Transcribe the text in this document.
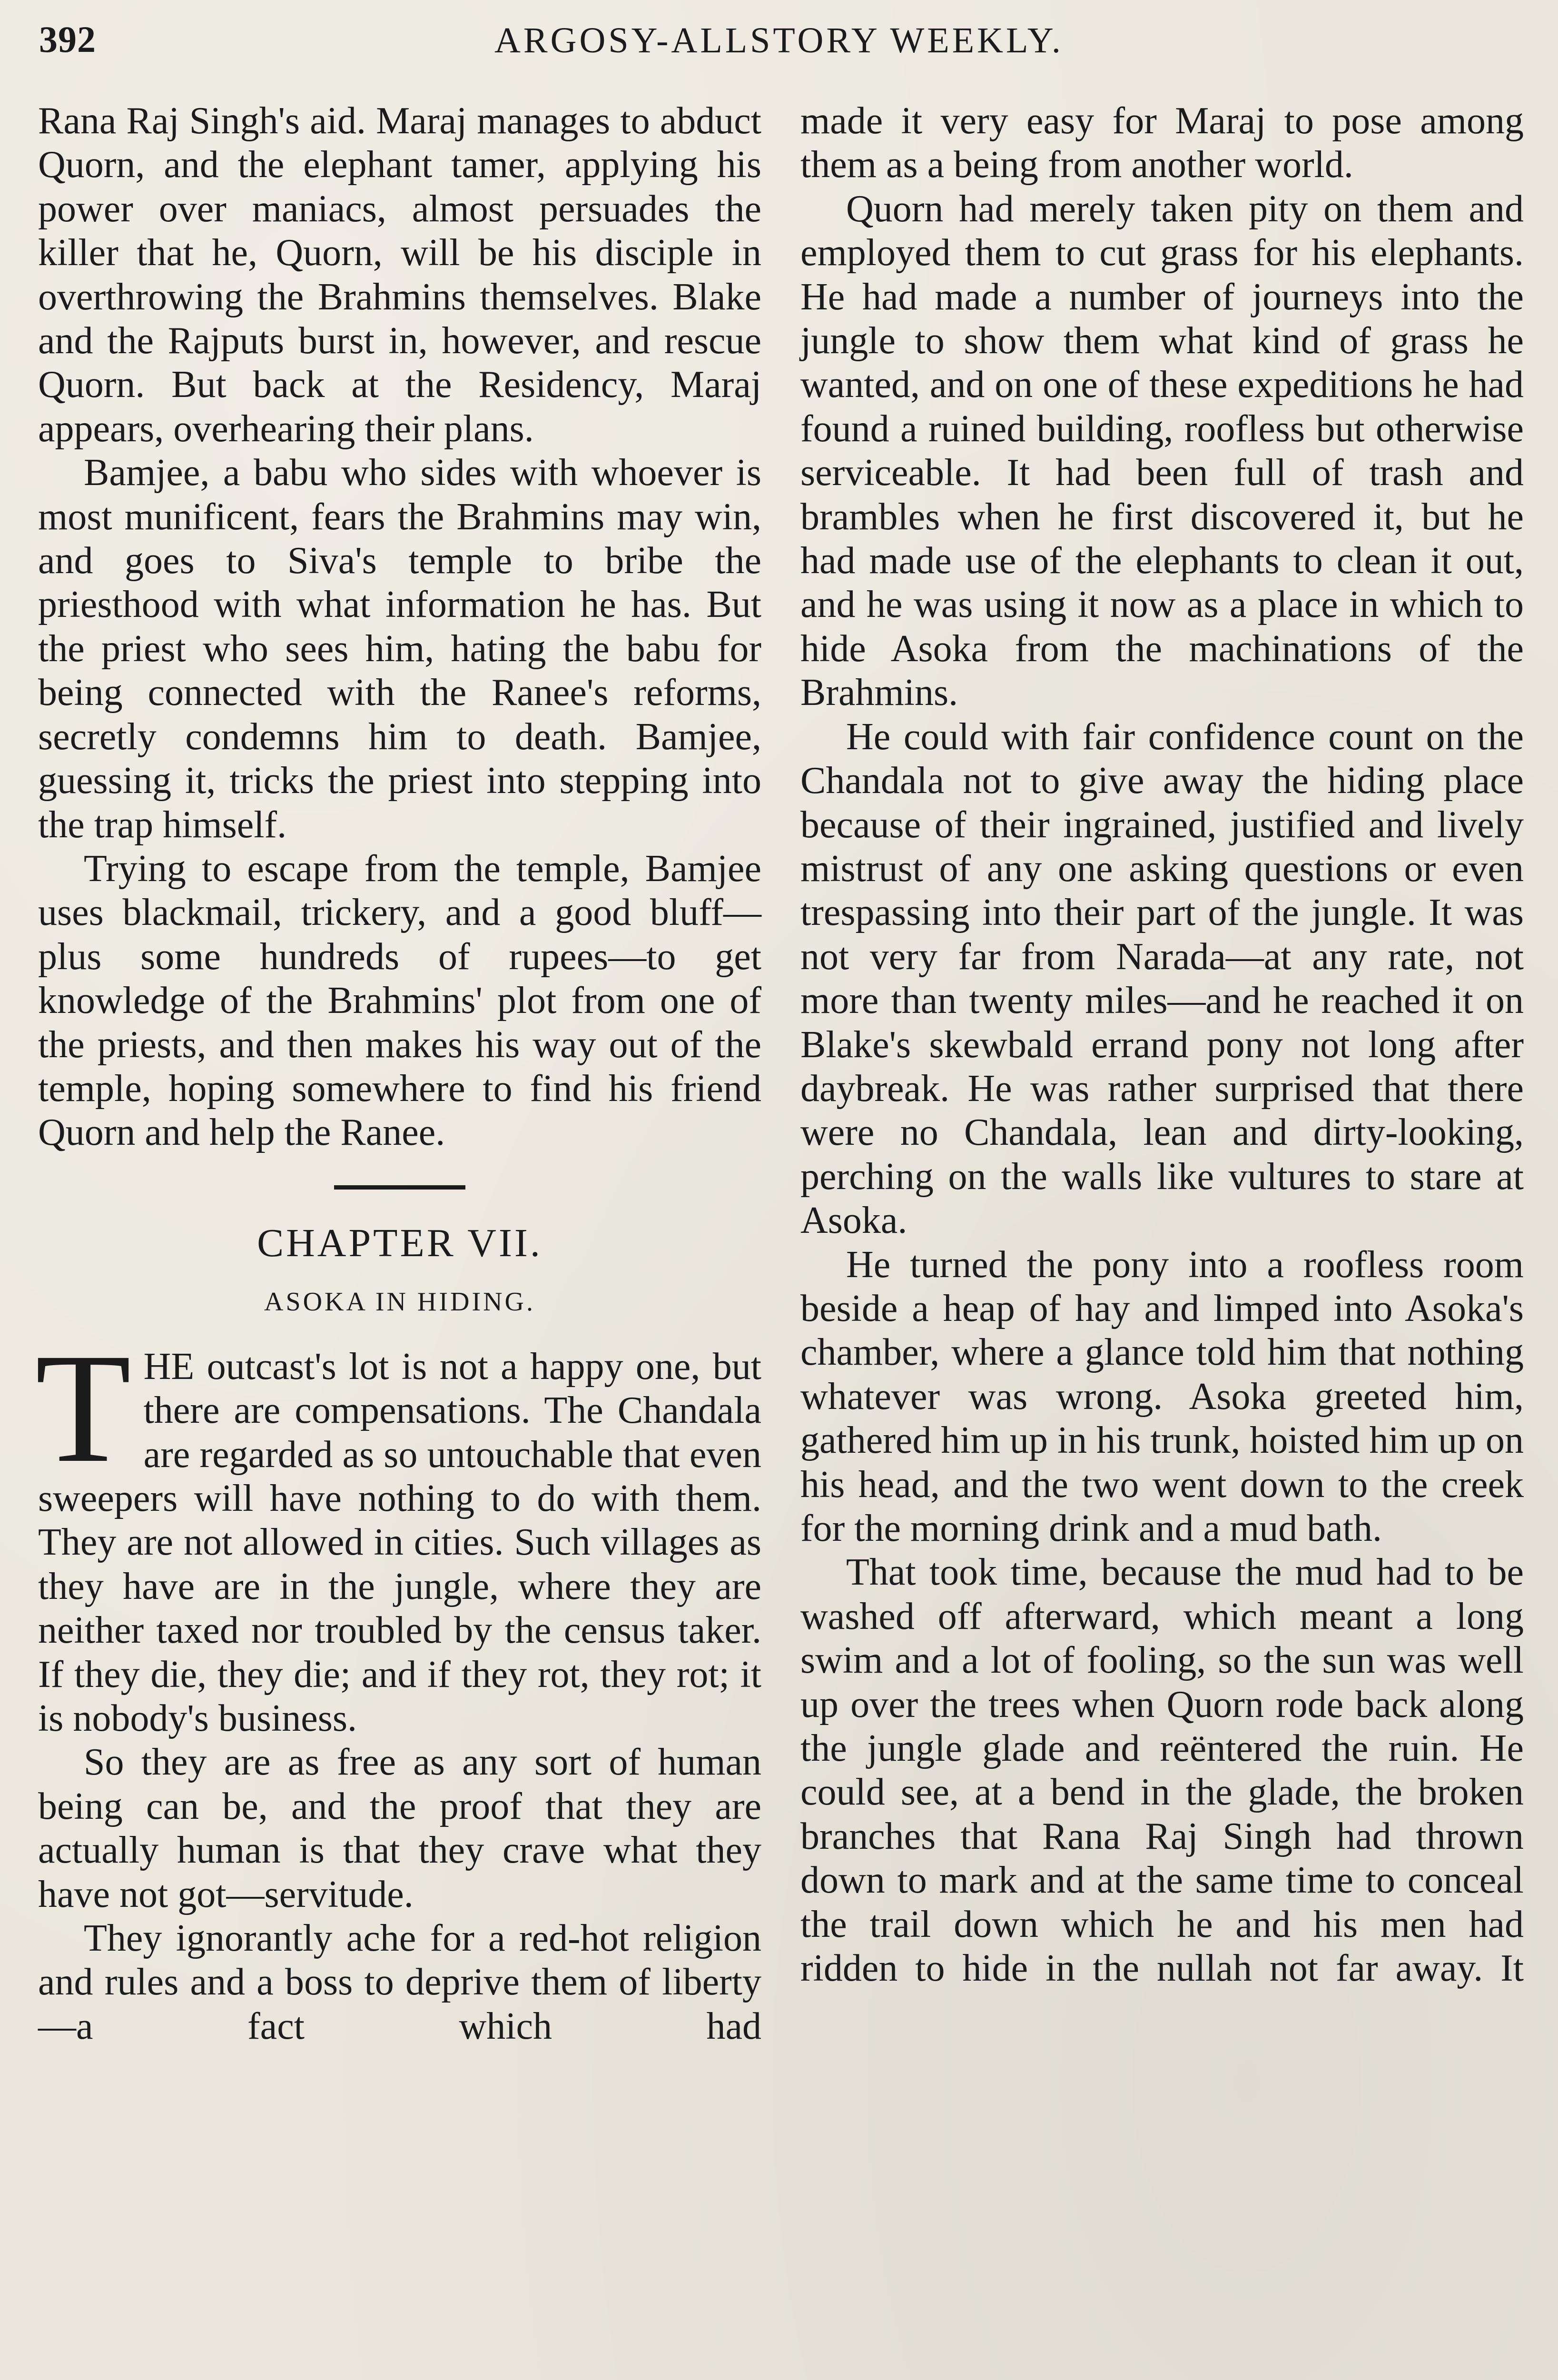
392	ARGOSY-ALLSTORY WEEKLY.

Rana Raj Singh's aid. Maraj manages to abduct Quorn, and the elephant tamer, applying his power over maniacs, almost persuades the killer that he, Quorn, will be his disciple in overthrowing the Brahmins themselves. Blake and the Rajputs burst in, however, and rescue Quorn. But back at the Residency, Maraj appears, overhearing their plans.

Bamjee, a babu who sides with whoever is most munificent, fears the Brahmins may win, and goes to Siva's temple to bribe the priesthood with what information he has. But the priest who sees him, hating the babu for being connected with the Ranee's reforms, secretly condemns him to death. Bamjee, guessing it, tricks the priest into stepping into the trap himself.

Trying to escape from the temple, Bamjee uses blackmail, trickery, and a good bluff—plus some hundreds of rupees—to get knowledge of the Brahmins' plot from one of the priests, and then makes his way out of the temple, hoping somewhere to find his friend Quorn and help the Ranee.

CHAPTER VII.
ASOKA IN HIDING.

THE outcast's lot is not a happy one, but there are compensations. The Chandala are regarded as so untouchable that even sweepers will have nothing to do with them. They are not allowed in cities. Such villages as they have are in the jungle, where they are neither taxed nor troubled by the census taker. If they die, they die; and if they rot, they rot; it is nobody's business.

So they are as free as any sort of human being can be, and the proof that they are actually human is that they crave what they have not got—servitude.

They ignorantly ache for a red-hot religion and rules and a boss to deprive them of liberty—a fact which had

made it very easy for Maraj to pose among them as a being from another world.

Quorn had merely taken pity on them and employed them to cut grass for his elephants. He had made a number of journeys into the jungle to show them what kind of grass he wanted, and on one of these expeditions he had found a ruined building, roofless but otherwise serviceable. It had been full of trash and brambles when he first discovered it, but he had made use of the elephants to clean it out, and he was using it now as a place in which to hide Asoka from the machinations of the Brahmins.

He could with fair confidence count on the Chandala not to give away the hiding place because of their ingrained, justified and lively mistrust of any one asking questions or even trespassing into their part of the jungle. It was not very far from Narada—at any rate, not more than twenty miles—and he reached it on Blake's skewbald errand pony not long after daybreak. He was rather surprised that there were no Chandala, lean and dirty-looking, perching on the walls like vultures to stare at Asoka.

He turned the pony into a roofless room beside a heap of hay and limped into Asoka's chamber, where a glance told him that nothing whatever was wrong. Asoka greeted him, gathered him up in his trunk, hoisted him up on his head, and the two went down to the creek for the morning drink and a mud bath.

That took time, because the mud had to be washed off afterward, which meant a long swim and a lot of fooling, so the sun was well up over the trees when Quorn rode back along the jungle glade and reëntered the ruin. He could see, at a bend in the glade, the broken branches that Rana Raj Singh had thrown down to mark and at the same time to conceal the trail down which he and his men had ridden to hide in the nullah not far away. It
